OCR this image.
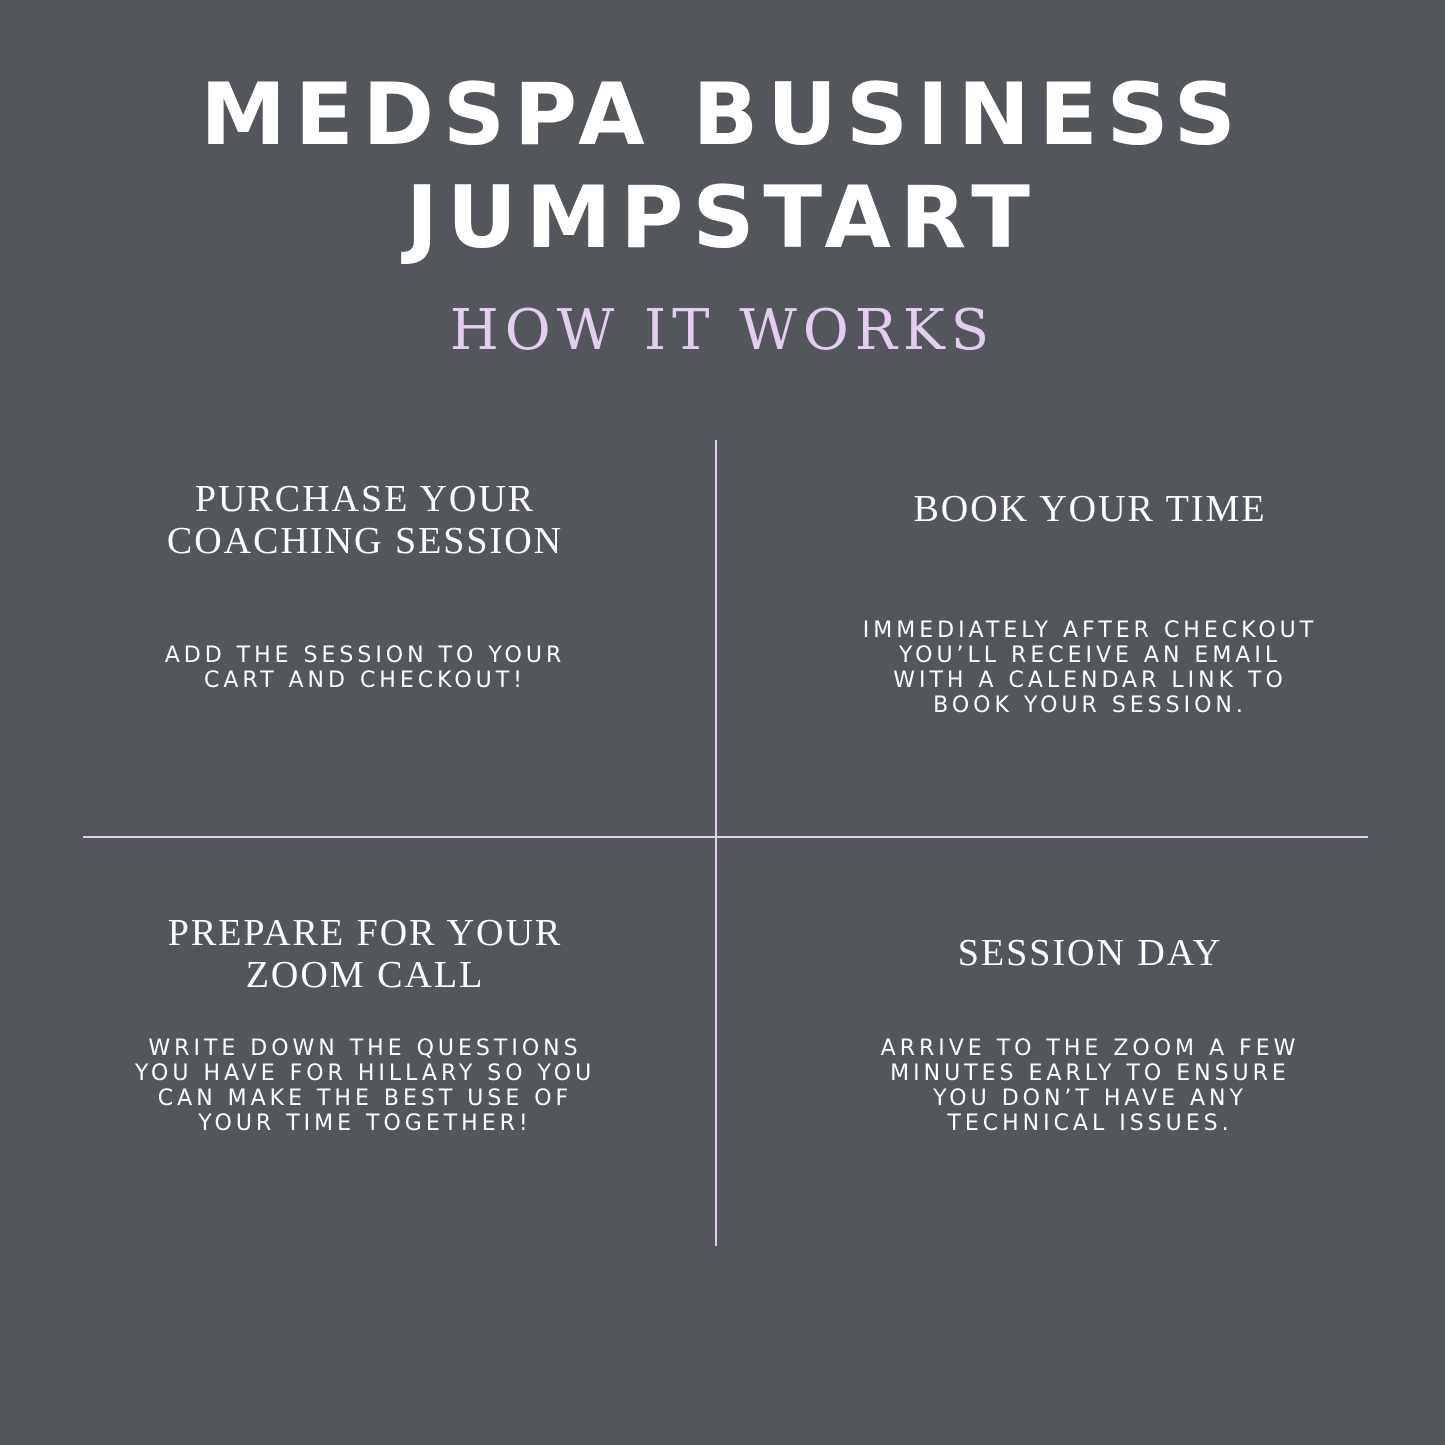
MEDSPA BUSINESS
JUMPSTART
HOW IT WORKS
PURCHASE YOUR
COACHING SESSION
ADD THE SESSION TO YOUR
CART AND CHECKOUT!
BOOK YOUR TIME
IMMEDIATELY AFTER CHECKOUT
YOU’LL RECEIVE AN EMAIL
WITH A CALENDAR LINK TO
BOOK YOUR SESSION.
PREPARE FOR YOUR
ZOOM CALL
WRITE DOWN THE QUESTIONS
YOU HAVE FOR HILLARY SO YOU
CAN MAKE THE BEST USE OF
YOUR TIME TOGETHER!
SESSION DAY
ARRIVE TO THE ZOOM A FEW
MINUTES EARLY TO ENSURE
YOU DON’T HAVE ANY
TECHNICAL ISSUES.
